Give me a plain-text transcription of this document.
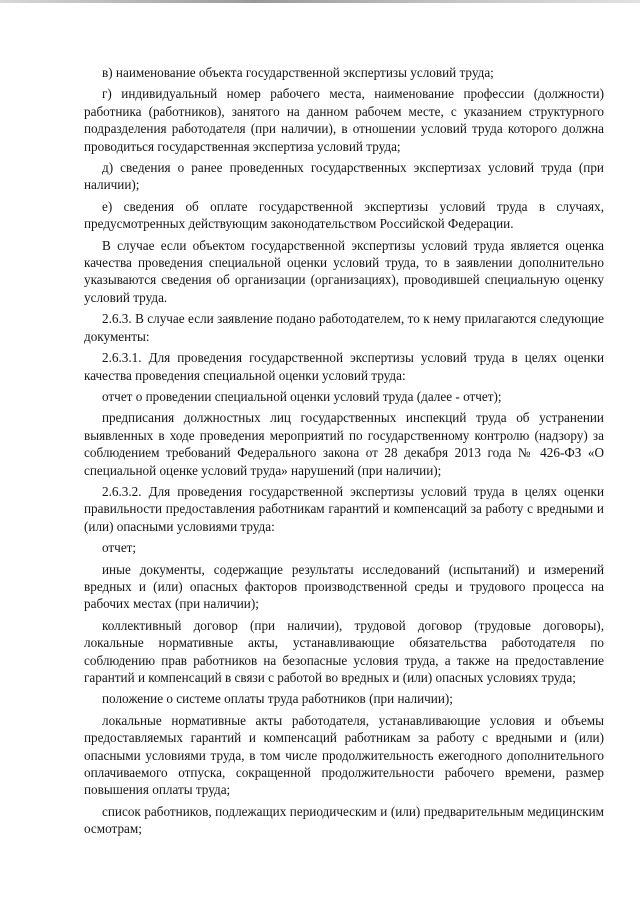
в) наименование объекта государственной экспертизы условий труда;

г) индивидуальный номер рабочего места, наименование профессии (должности) работника (работников), занятого на данном рабочем месте, с указанием структурного подразделения работодателя (при наличии), в отношении условий труда которого должна проводиться государственная экспертиза условий труда;

д) сведения о ранее проведенных государственных экспертизах условий труда (при наличии);

е) сведения об оплате государственной экспертизы условий труда в случаях, предусмотренных действующим законодательством Российской Федерации.

В случае если объектом государственной экспертизы условий труда является оценка качества проведения специальной оценки условий труда, то в заявлении дополнительно указываются сведения об организации (организациях), проводившей специальную оценку условий труда.

2.6.3. В случае если заявление подано работодателем, то к нему прилагаются следующие документы:

2.6.3.1. Для проведения государственной экспертизы условий труда в целях оценки качества проведения специальной оценки условий труда:

отчет о проведении специальной оценки условий труда (далее - отчет);

предписания должностных лиц государственных инспекций труда об устранении выявленных в ходе проведения мероприятий по государственному контролю (надзору) за соблюдением требований Федерального закона от 28 декабря 2013 года № 426-ФЗ «О специальной оценке условий труда» нарушений (при наличии);

2.6.3.2. Для проведения государственной экспертизы условий труда в целях оценки правильности предоставления работникам гарантий и компенсаций за работу с вредными и (или) опасными условиями труда:

отчет;

иные документы, содержащие результаты исследований (испытаний) и измерений вредных и (или) опасных факторов производственной среды и трудового процесса на рабочих местах (при наличии);

коллективный договор (при наличии), трудовой договор (трудовые договоры), локальные нормативные акты, устанавливающие обязательства работодателя по соблюдению прав работников на безопасные условия труда, а также на предоставление гарантий и компенсаций в связи с работой во вредных и (или) опасных условиях труда;

положение о системе оплаты труда работников (при наличии);

локальные нормативные акты работодателя, устанавливающие условия и объемы предоставляемых гарантий и компенсаций работникам за работу с вредными и (или) опасными условиями труда, в том числе продолжительность ежегодного дополнительного оплачиваемого отпуска, сокращенной продолжительности рабочего времени, размер повышения оплаты труда;

список работников, подлежащих периодическим и (или) предварительным медицинским осмотрам;
